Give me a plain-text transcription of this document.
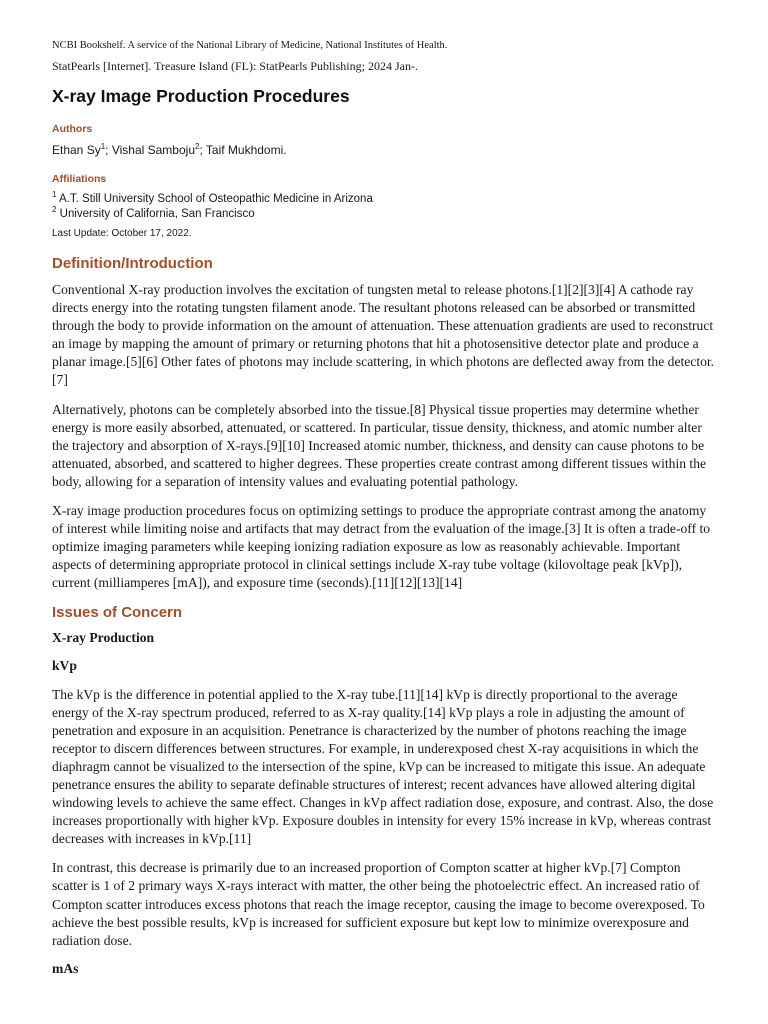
NCBI Bookshelf. A service of the National Library of Medicine, National Institutes of Health.
StatPearls [Internet]. Treasure Island (FL): StatPearls Publishing; 2024 Jan-.
X-ray Image Production Procedures
Authors
Ethan Sy$^1$; Vishal Samboju$^2$; Taif Mukhdomi.
Affiliations
$^1$ A.T. Still University School of Osteopathic Medicine in Arizona
$^2$ University of California, San Francisco
Last Update: October 17, 2022.
Definition/Introduction

Conventional X-ray production involves the excitation of tungsten metal to release photons.[1][2][3][4] A cathode ray directs energy into the rotating tungsten filament anode. The resultant photons released can be absorbed or transmitted through the body to provide information on the amount of attenuation. These attenuation gradients are used to reconstruct an image by mapping the amount of primary or returning photons that hit a photosensitive detector plate and produce a planar image.[5][6] Other fates of photons may include scattering, in which photons are deflected away from the detector.[7]

Alternatively, photons can be completely absorbed into the tissue.[8] Physical tissue properties may determine whether energy is more easily absorbed, attenuated, or scattered. In particular, tissue density, thickness, and atomic number alter the trajectory and absorption of X-rays.[9][10] Increased atomic number, thickness, and density can cause photons to be attenuated, absorbed, and scattered to higher degrees. These properties create contrast among different tissues within the body, allowing for a separation of intensity values and evaluating potential pathology.

X-ray image production procedures focus on optimizing settings to produce the appropriate contrast among the anatomy of interest while limiting noise and artifacts that may detract from the evaluation of the image.[3] It is often a trade-off to optimize imaging parameters while keeping ionizing radiation exposure as low as reasonably achievable. Important aspects of determining appropriate protocol in clinical settings include X-ray tube voltage (kilovoltage peak [kVp]), current (milliamperes [mA]), and exposure time (seconds).[11][12][13][14]

Issues of Concern
X-ray Production
kVp

The kVp is the difference in potential applied to the X-ray tube.[11][14] kVp is directly proportional to the average energy of the X-ray spectrum produced, referred to as X-ray quality.[14] kVp plays a role in adjusting the amount of penetration and exposure in an acquisition. Penetrance is characterized by the number of photons reaching the image receptor to discern differences between structures. For example, in underexposed chest X-ray acquisitions in which the diaphragm cannot be visualized to the intersection of the spine, kVp can be increased to mitigate this issue. An adequate penetrance ensures the ability to separate definable structures of interest; recent advances have allowed altering digital windowing levels to achieve the same effect. Changes in kVp affect radiation dose, exposure, and contrast. Also, the dose increases proportionally with higher kVp. Exposure doubles in intensity for every 15% increase in kVp, whereas contrast decreases with increases in kVp.[11]

In contrast, this decrease is primarily due to an increased proportion of Compton scatter at higher kVp.[7] Compton scatter is 1 of 2 primary ways X-rays interact with matter, the other being the photoelectric effect. An increased ratio of Compton scatter introduces excess photons that reach the image receptor, causing the image to become overexposed. To achieve the best possible results, kVp is increased for sufficient exposure but kept low to minimize overexposure and radiation dose.

mAs
